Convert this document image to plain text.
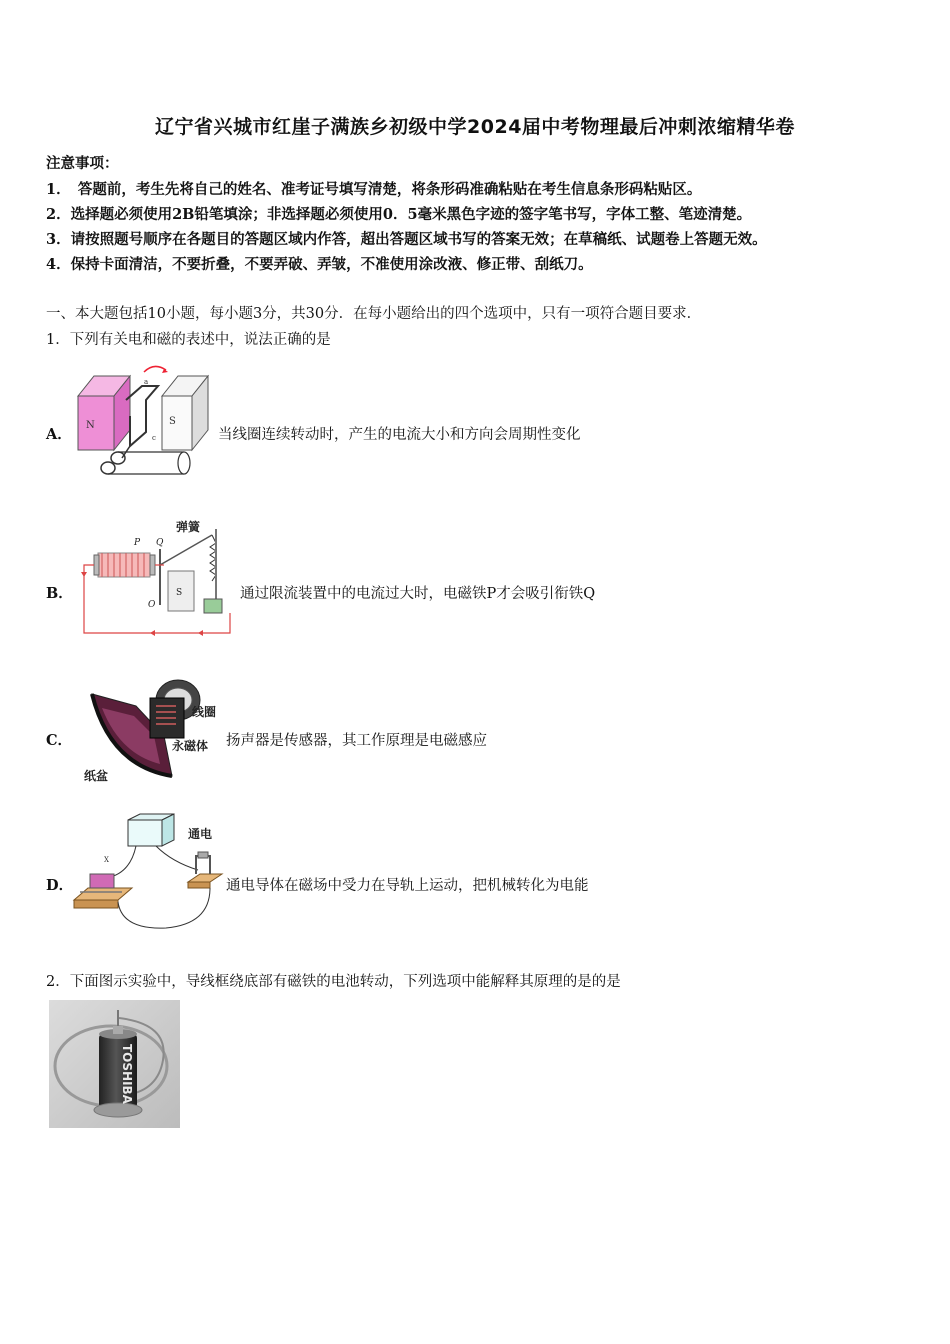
辽宁省兴城市红崖子满族乡初级中学2024届中考物理最后冲刺浓缩精华卷
注意事项：
1．　答题前，考生先将自己的姓名、准考证号填写清楚，将条形码准确粘贴在考生信息条形码粘贴区。
2．选择题必须使用2B铅笔填涂；非选择题必须使用0．5毫米黑色字迹的签字笔书写，字体工整、笔迹清楚。
3．请按照题号顺序在各题目的答题区域内作答，超出答题区域书写的答案无效；在草稿纸、试题卷上答题无效。
4．保持卡面清洁，不要折叠，不要弄破、弄皱，不准使用涂改液、修正带、刮纸刀。
一、本大题包括10小题，每小题3分，共30分．在每小题给出的四个选项中，只有一项符合题目要求．
1．下列有关电和磁的表述中，说法正确的是
A．
N	S
a
c	当线圈连续转动时，产生的电流大小和方向会周期性变化
B．
弹簧
P Q
S
O
通过限流装置中的电流过大时，电磁铁P才会吸引衔铁Q
C．
线圈
永磁体
纸盆
扬声器是传感器，其工作原理是电磁感应
D．
通电
X
通电导体在磁场中受力在导轨上运动，把机械转化为电能
2．下面图示实验中，导线框绕底部有磁铁的电池转动，下列选项中能解释其原理的是的是
TOSHIBA
